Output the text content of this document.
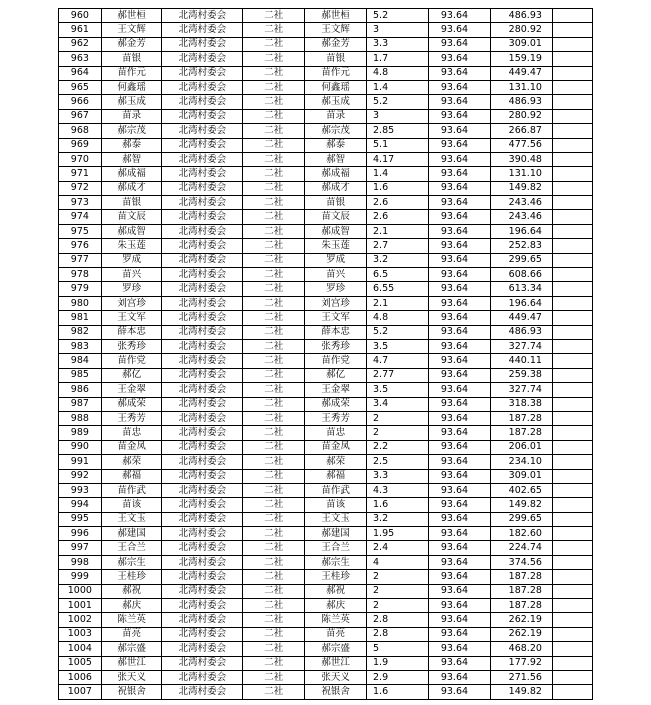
960	郝世桓	北湾村委会	二社	郝世桓	5.2	93.64	486.93	
961	王文辉	北湾村委会	二社	王文辉	3	93.64	280.92	
962	郝金芳	北湾村委会	二社	郝金芳	3.3	93.64	309.01	
963	苗银	北湾村委会	二社	苗银	1.7	93.64	159.19	
964	苗作元	北湾村委会	二社	苗作元	4.8	93.64	449.47	
965	何鑫瑶	北湾村委会	二社	何鑫瑶	1.4	93.64	131.10	
966	郝玉成	北湾村委会	二社	郝玉成	5.2	93.64	486.93	
967	苗录	北湾村委会	二社	苗录	3	93.64	280.92	
968	郝宗茂	北湾村委会	二社	郝宗茂	2.85	93.64	266.87	
969	郝泰	北湾村委会	二社	郝泰	5.1	93.64	477.56	
970	郝智	北湾村委会	二社	郝智	4.17	93.64	390.48	
971	郝成福	北湾村委会	二社	郝成福	1.4	93.64	131.10	
972	郝成才	北湾村委会	二社	郝成才	1.6	93.64	149.82	
973	苗银	北湾村委会	二社	苗银	2.6	93.64	243.46	
974	苗文辰	北湾村委会	二社	苗文辰	2.6	93.64	243.46	
975	郝成智	北湾村委会	二社	郝成智	2.1	93.64	196.64	
976	朱玉莲	北湾村委会	二社	朱玉莲	2.7	93.64	252.83	
977	罗成	北湾村委会	二社	罗成	3.2	93.64	299.65	
978	苗兴	北湾村委会	二社	苗兴	6.5	93.64	608.66	
979	罗珍	北湾村委会	二社	罗珍	6.55	93.64	613.34	
980	刘宫珍	北湾村委会	二社	刘宫珍	2.1	93.64	196.64	
981	王文军	北湾村委会	二社	王文军	4.8	93.64	449.47	
982	薛本忠	北湾村委会	二社	薛本忠	5.2	93.64	486.93	
983	张秀珍	北湾村委会	二社	张秀珍	3.5	93.64	327.74	
984	苗作党	北湾村委会	二社	苗作党	4.7	93.64	440.11	
985	郝亿	北湾村委会	二社	郝亿	2.77	93.64	259.38	
986	王金翠	北湾村委会	二社	王金翠	3.5	93.64	327.74	
987	郝成荣	北湾村委会	二社	郝成荣	3.4	93.64	318.38	
988	王秀芳	北湾村委会	二社	王秀芳	2	93.64	187.28	
989	苗忠	北湾村委会	二社	苗忠	2	93.64	187.28	
990	苗金凤	北湾村委会	二社	苗金凤	2.2	93.64	206.01	
991	郝荣	北湾村委会	二社	郝荣	2.5	93.64	234.10	
992	郝福	北湾村委会	二社	郝福	3.3	93.64	309.01	
993	苗作武	北湾村委会	二社	苗作武	4.3	93.64	402.65	
994	苗该	北湾村委会	二社	苗该	1.6	93.64	149.82	
995	王文玉	北湾村委会	二社	王文玉	3.2	93.64	299.65	
996	郝建国	北湾村委会	二社	郝建国	1.95	93.64	182.60	
997	王合兰	北湾村委会	二社	王合兰	2.4	93.64	224.74	
998	郝宗生	北湾村委会	二社	郝宗生	4	93.64	374.56	
999	王桂珍	北湾村委会	二社	王桂珍	2	93.64	187.28	
1000	郝祝	北湾村委会	二社	郝祝	2	93.64	187.28	
1001	郝庆	北湾村委会	二社	郝庆	2	93.64	187.28	
1002	陈兰英	北湾村委会	二社	陈兰英	2.8	93.64	262.19	
1003	苗亮	北湾村委会	二社	苗亮	2.8	93.64	262.19	
1004	郝宗盛	北湾村委会	二社	郝宗盛	5	93.64	468.20	
1005	郝世江	北湾村委会	二社	郝世江	1.9	93.64	177.92	
1006	张天义	北湾村委会	二社	张天义	2.9	93.64	271.56	
1007	祝银舍	北湾村委会	二社	祝银舍	1.6	93.64	149.82	
